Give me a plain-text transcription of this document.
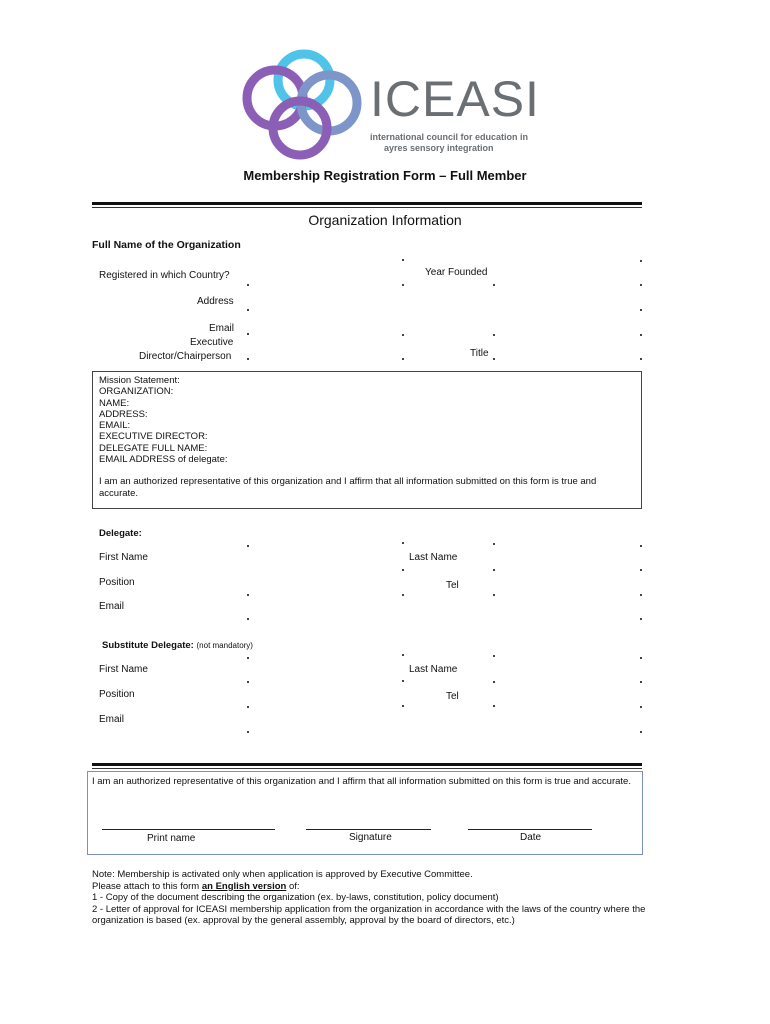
ICEASI
international council for education in
ayres sensory integration
Membership Registration Form – Full Member
Organization Information
Full Name of the Organization
Registered in which Country?	Year Founded
Address
Email
Executive
Director/Chairperson	Title
Mission Statement:
ORGANIZATION:
NAME:
ADDRESS:
EMAIL:
EXECUTIVE DIRECTOR:
DELEGATE FULL NAME:
EMAIL ADDRESS of delegate:
I am an authorized representative of this organization and I affirm that all information submitted on this form is true and accurate.
Delegate:
First Name	Last Name
Position	Tel
Email
Substitute Delegate: (not mandatory)
First Name	Last Name
Position	Tel
Email
I am an authorized representative of this organization and I affirm that all information submitted on this form is true and accurate.
Print name	Signature	Date
Note: Membership is activated only when application is approved by Executive Committee.
Please attach to this form an English version of:
1 - Copy of the document describing the organization (ex. by-laws, constitution, policy document)
2 - Letter of approval for ICEASI membership application from the organization in accordance with the laws of the country where the organization is based (ex. approval by the general assembly, approval by the board of directors, etc.)
